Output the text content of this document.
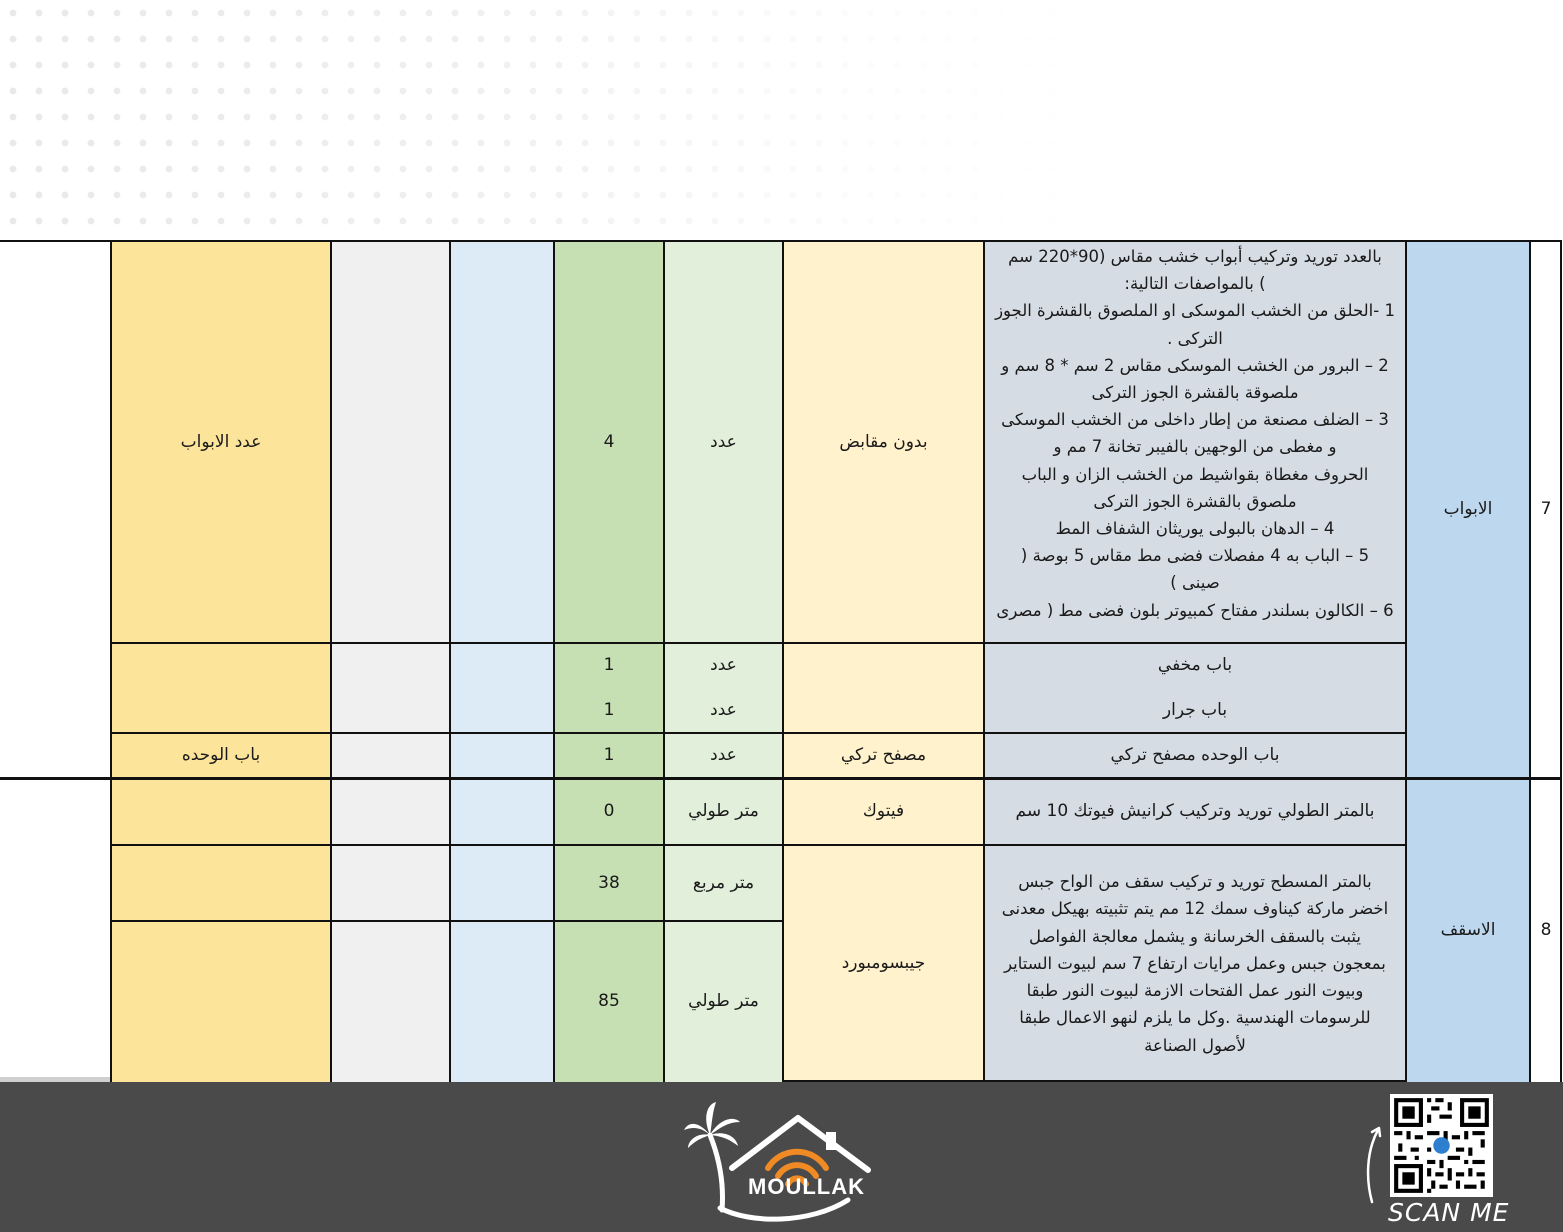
7
الابواب
بالعدد توريد وتركيب أبواب خشب مقاس (90*220 سم
) بالمواصفات التالية:
1 -الحلق من الخشب الموسكى او الملصوق بالقشرة الجوز
التركى .
2 – البرور من الخشب الموسكى مقاس 2 سم * 8 سم و
ملصوقة بالقشرة الجوز التركى
3 – الضلف مصنعة من إطار داخلى من الخشب الموسكى
و مغطى من الوجهين بالفيبر تخانة 7 مم و
الحروف مغطاة بقواشيط من الخشب الزان و الباب
ملصوق بالقشرة الجوز التركى
4 – الدهان بالبولى يوريثان الشفاف المط
5 – الباب به 4 مفصلات فضى مط مقاس 5 بوصة (
صينى )
6 – الكالون بسلندر مفتاح كمبيوتر بلون فضى مط ( مصرى
بدون مقابض
عدد
4
عدد الابواب
باب مخفي
باب جرار
عدد
عدد
1
1
باب الوحده مصفح تركي
مصفح تركي
عدد
1
باب الوحده
8
الاسقف
بالمتر الطولي توريد وتركيب كرانيش فيوتك 10 سم
فيتوك
متر طولي
0
بالمتر المسطح توريد و تركيب سقف من الواح جبس
اخضر ماركة كيناوف سمك 12 مم يتم تثبيته بهيكل معدنى
يثبت بالسقف الخرسانة و يشمل معالجة الفواصل
بمعجون جبس وعمل مرايات ارتفاع 7 سم لبيوت الستاير
وبيوت النور عمل الفتحات الازمة لبيوت النور طبقا
للرسومات الهندسية .وكل ما يلزم لنهو الاعمال طبقا
لأصول الصناعة
جيبسومبورد
متر مربع
متر طولي
38
85
MOULLAK
SCAN ME
